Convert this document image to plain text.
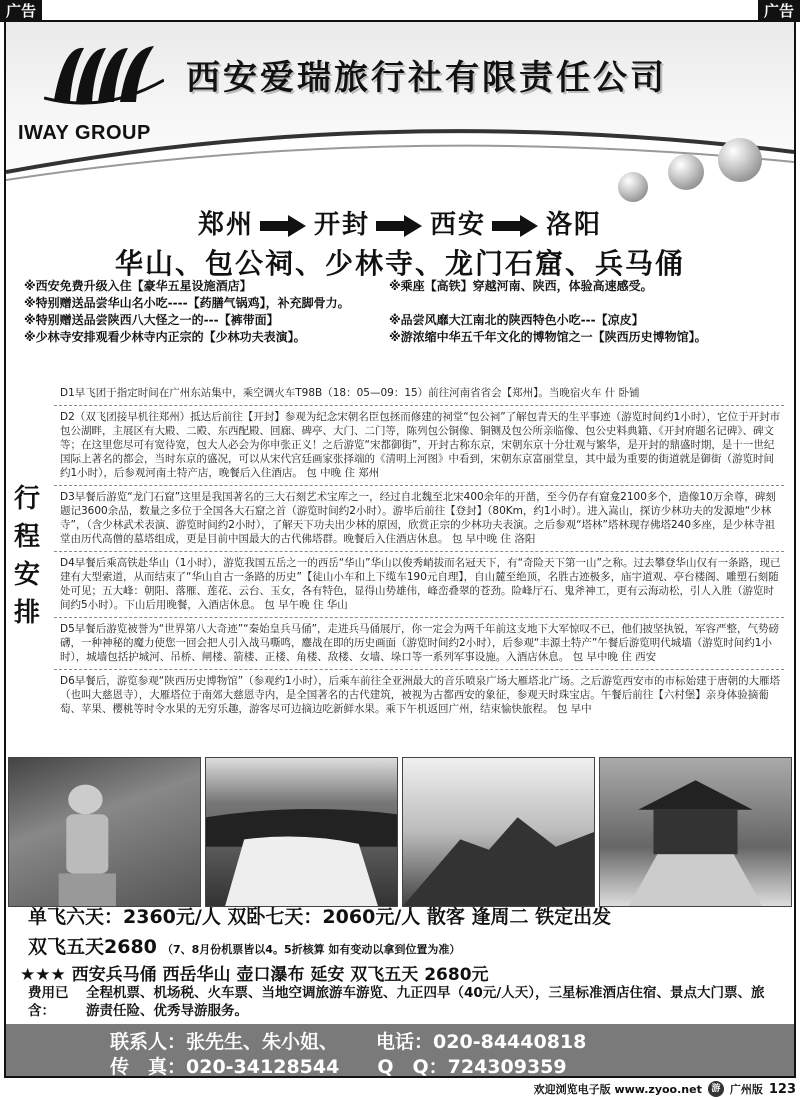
广告	广告
IWAY GROUP
西安爱瑞旅行社有限责任公司
郑州 开封 西安 洛阳
华山、包公祠、少林寺、龙门石窟、兵马俑
※西安免费升级入住【豪华五星设施酒店】	※乘座【高铁】穿越河南、陕西，体验高速感受。
※特别赠送品尝华山名小吃----【药膳气锅鸡】，补充脚骨力。
※特别赠送品尝陕西八大怪之一的---【裤带面】	※品尝风靡大江南北的陕西特色小吃---【凉皮】
※少林寺安排观看少林寺内正宗的【少林功夫表演】。	※游浓缩中华五千年文化的博物馆之一【陕西历史博物馆】。
行
程
安
排
D1早飞团于指定时间在广州东站集中，乘空调火车T98B（18：05—09：15）前往河南省省会【郑州】。当晚宿火车 什 卧铺
D2（双飞团接早机往郑州）抵达后前往【开封】参观为纪念宋朝名臣包拯而修建的祠堂“包公祠”了解包青天的生平事迹（游览时间约1小时），它位于开封市包公湖畔，主展区有大殿、二殿、东西配殿、回廊、碑亭、大门、二门等，陈列包公铜像、铜铡及包公所亲临像、包公史料典籍、《开封府题名记碑》、碑文等；在这里您尽可有宽待宽，包大人必会为你申张正义！之后游览“宋都御街”，开封古称东京，宋朝东京十分壮观与繁华，是开封的鼎盛时期，是十一世纪国际上著名的都会，当时东京的盛况，可以从宋代宫廷画家张择端的《清明上河图》中看到，宋朝东京富丽堂皇，其中最为重要的街道就是御街（游览时间约1小时），后参观河南土特产店，晚餐后入住酒店。 包 中晚 住 郑州
D3早餐后游览“龙门石窟”这里是我国著名的三大石刻艺术宝库之一，经过自北魏至北宋400余年的开凿，至今仍存有窟龛2100多个，造像10万余尊，碑刻题记3600余品，数量之多位于全国各大石窟之首（游览时间约2小时）。游毕后前往【登封】（80Km，约1小时）。进入嵩山，探访少林功夫的发源地“少林寺”，（含少林武术表演、游览时间约2小时），了解天下功夫出少林的原因，欣赏正宗的少林功夫表演。之后参观“塔林”塔林现存佛塔240多座，是少林寺祖堂由历代高僧的墓塔组成，更是目前中国最大的古代佛塔群。晚餐后入住酒店休息。 包 早中晚 住 洛阳
D4早餐后乘高铁赴华山（1小时），游览我国五岳之一的西岳“华山”华山以俊秀峭拔而名冠天下，有“奇险天下第一山”之称。过去攀登华山仅有一条路，现已建有大型索道，从而结束了“华山自古一条路的历史”【徒山小车和上下缆车190元自理】，自山麓至绝顶，名胜古迹极多，庙宇道观、亭台楼阁、雕塑石刻随处可见；五大峰：朝阳、落雁、莲花、云台、玉女，各有特色，显得山势雄伟，峰峦叠翠的苍劲。险峰厅石、鬼斧神工，更有云海动松，引人入胜（游览时间约5小时）。下山后用晚餐，入酒店休息。 包 早午晚 住 华山
D5早餐后游览被誉为“世界第八大奇迹”“秦始皇兵马俑”，走进兵马俑展厅，你一定会为两千年前这支地下大军惊叹不已，他们披坚执锐，军容严整，气势磅礴，一种神秘的魔力使您一回会把人引入战马嘶鸣，鏖战在即的历史画面（游览时间约2小时），后参观“丰源土特产”午餐后游览明代城墙（游览时间约1小时），城墙包括护城河、吊桥、闸楼、箭楼、正楼、角楼、敌楼、女墙、垛口等一系列军事设施。入酒店休息。 包 早中晚 住 西安
D6早餐后，游览参观“陕西历史博物馆”（参观约1小时），后乘车前往全亚洲最大的音乐喷泉广场大雁塔北广场。之后游览西安市的市标始建于唐朝的大雁塔（也叫大慈恩寺），大雁塔位于南郊大慈恩寺内，是全国著名的古代建筑，被视为古都西安的象征，参观天时珠宝店。午餐后前往【六村堡】亲身体验摘葡萄、苹果、樱桃等时令水果的无穷乐趣，游客尽可边摘边吃新鲜水果。乘下午机返回广州，结束愉快旅程。 包 早中
单飞六天：2360元/人 双卧七天：2060元/人 散客 逢周二 铁定出发
双飞五天2680 （7、8月份机票皆以4。5折核算 如有变动以拿到位置为准）
★★★ 西安兵马俑 西岳华山 壶口瀑布 延安 双飞五天 2680元
费用已含：
全程机票、机场税、火车票、当地空调旅游车游览、九正四早（40元/人天），三星标准酒店住宿、景点大门票、旅游责任险、优秀导游服务。
联系人：张先生、朱小姐、 电话：020-84440818
传　真：020-34128544 Q　Q：724309359
欢迎浏览电子版 www.zyoo.net	游 广州版 123
